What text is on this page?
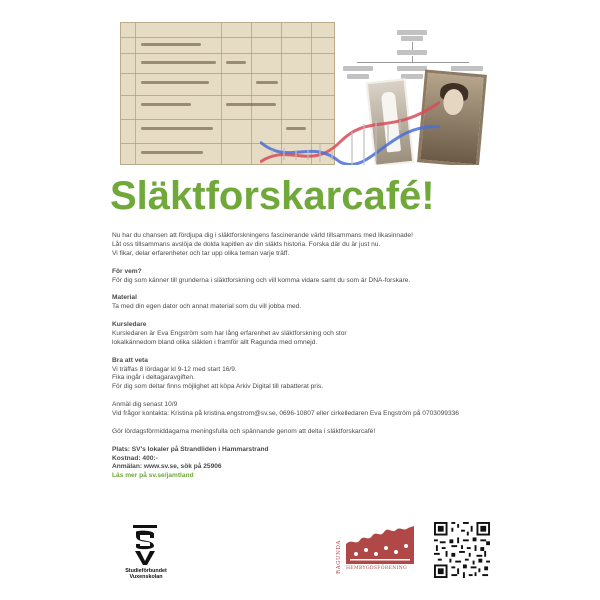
Släktforskarcafé!

Nu har du chansen att fördjupa dig i släktforskningens fascinerande värld tillsammans med likasinnade!

Låt oss tillsammans avslöja de dolda kapitlen av din släkts historia. Forska där du är just nu.

Vi fikar, delar erfarenheter och tar upp olika teman varje träff.

För vem?

För dig som känner till grunderna i släktforskning och vill komma vidare samt du som är DNA-forskare.

Material

Ta med din egen dator och annat material som du vill jobba med.

Kursledare

Kursledaren är Eva Engström som har lång erfarenhet av släktforskning och stor

lokalkännedom bland olika släkten i framför allt Ragunda med omnejd.

Bra att veta

Vi träffas 8 lördagar kl 9-12 med start 16/9.

Fika ingår i deltagaravgiften.

För dig som deltar finns möjlighet att köpa Arkiv Digital till rabatterat pris.

Anmäl dig senast 10/9

Vid frågor kontakta: Kristina på kristina.engstrom@sv.se, 0696-10807 eller cirkelledaren Eva Engström på 0703099336

Gör lördagsförmiddagarna meningsfulla och spännande genom att delta i släktforskarcafé!

Plats: SV's lokaler på Strandliden i Hammarstrand

Kostnad: 400:-

Anmälan: www.sv.se, sök på 25906

Läs mer på sv.se/jamtland

Studieförbundet
Vuxenskolan
RAGUNDA HEMBYGDSFÖRENING
